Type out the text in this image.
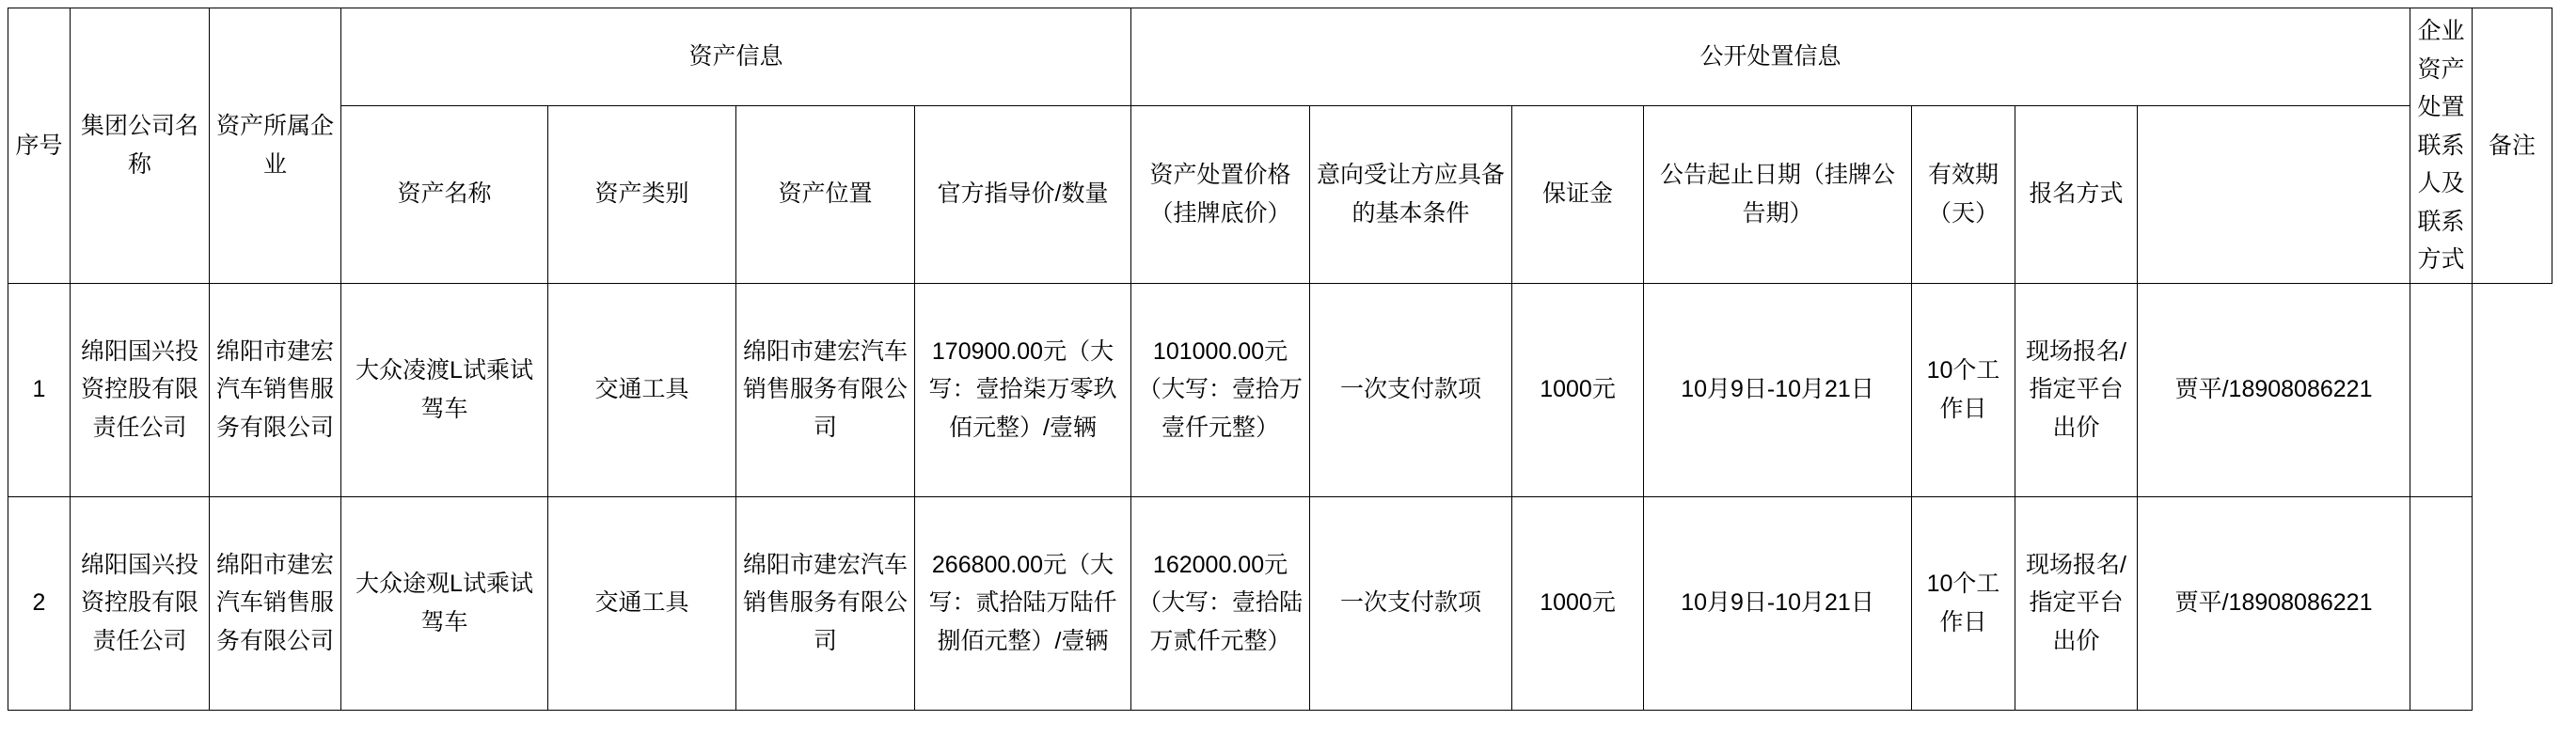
序号	集团公司名称	资产所属企业	资产信息				公开处置信息							企业资产处置联系人及联系方式	备注
			资产名称	资产类别	资产位置	官方指导价/数量	资产处置价格（挂牌底价）	意向受让方应具备的基本条件	保证金	公告起止日期（挂牌公告期）	有效期（天）	报名方式			
1	绵阳国兴投资控股有限责任公司	绵阳市建宏汽车销售服务有限公司	大众凌渡L试乘试驾车	交通工具	绵阳市建宏汽车销售服务有限公司	170900.00元（大写：壹拾柒万零玖佰元整）/壹辆	101000.00元（大写：壹拾万壹仟元整）	一次支付款项	1000元	10月9日-10月21日	10个工作日	现场报名/指定平台出价	贾平/18908086221		
2	绵阳国兴投资控股有限责任公司	绵阳市建宏汽车销售服务有限公司	大众途观L试乘试驾车	交通工具	绵阳市建宏汽车销售服务有限公司	266800.00元（大写：贰拾陆万陆仟捌佰元整）/壹辆	162000.00元（大写：壹拾陆万贰仟元整）	一次支付款项	1000元	10月9日-10月21日	10个工作日	现场报名/指定平台出价	贾平/18908086221		
